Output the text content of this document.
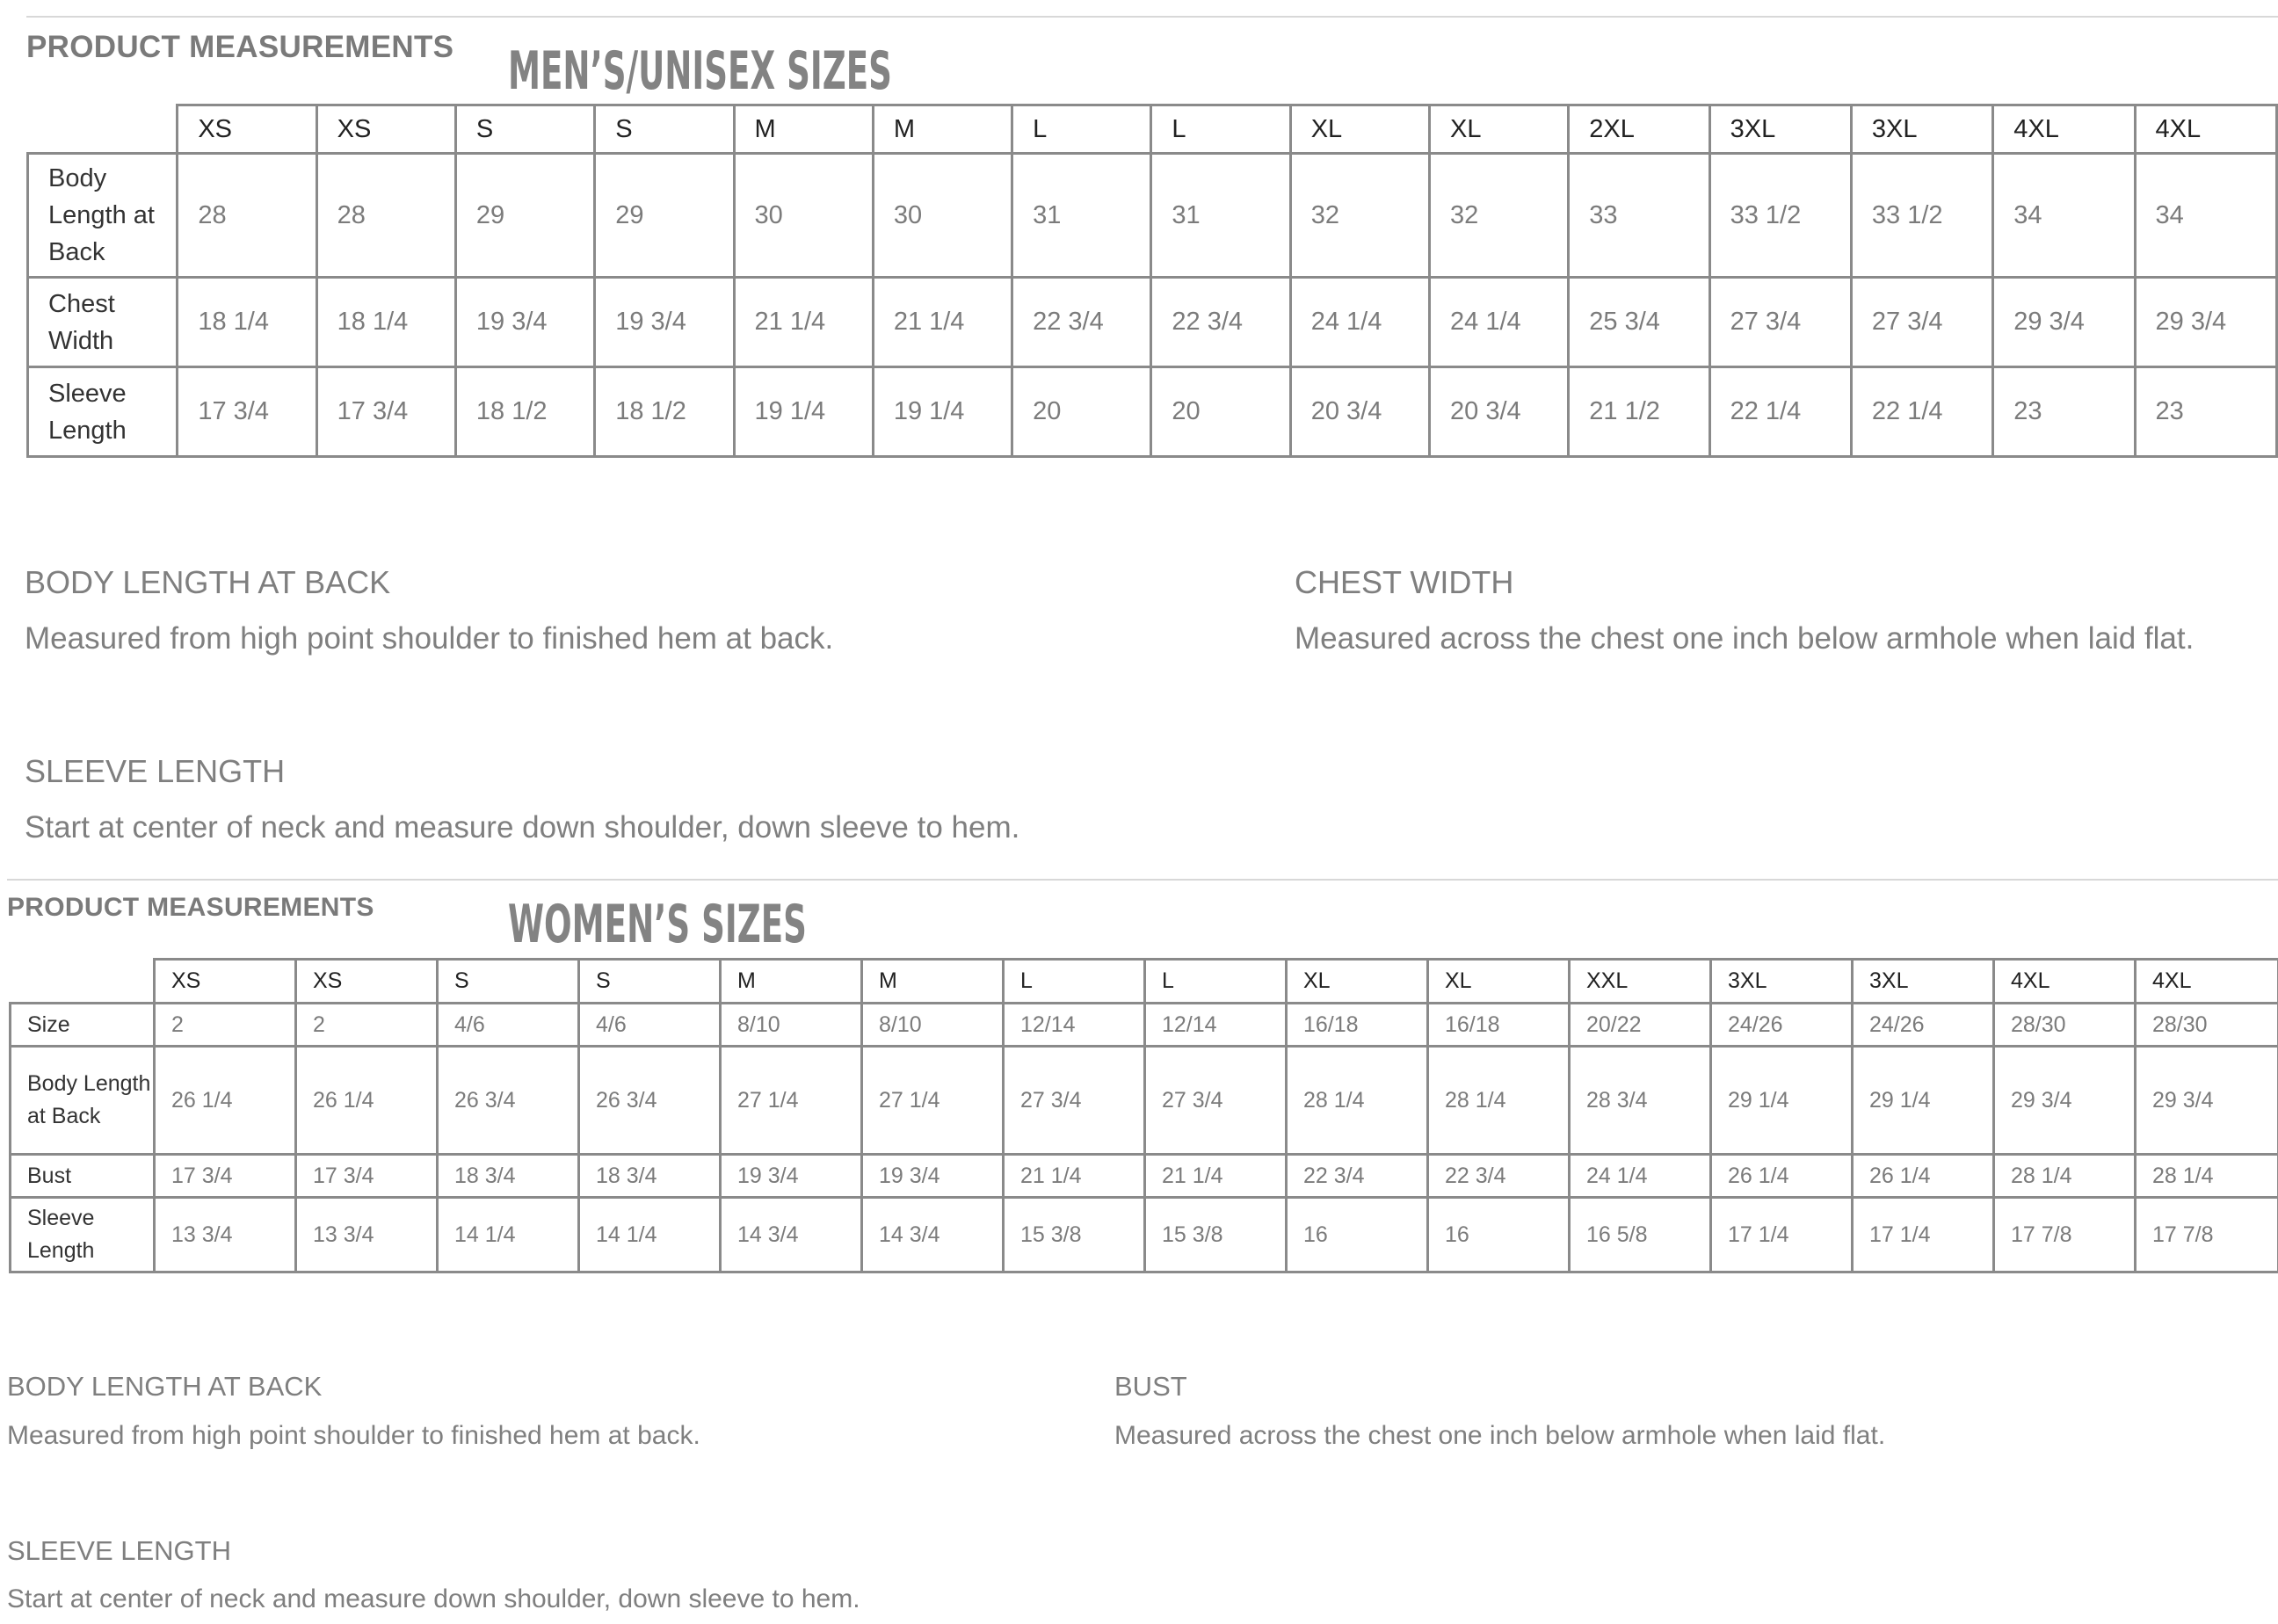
PRODUCT MEASUREMENTS MEN’S/UNISEX SIZES
	XS	XS	S	S	M	M	L	L	XL	XL	2XL	3XL	3XL	4XL	4XL
Body Length at Back	28	28	29	29	30	30	31	31	32	32	33	33 1/2	33 1/2	34	34
Chest Width	18 1/4	18 1/4	19 3/4	19 3/4	21 1/4	21 1/4	22 3/4	22 3/4	24 1/4	24 1/4	25 3/4	27 3/4	27 3/4	29 3/4	29 3/4
Sleeve Length	17 3/4	17 3/4	18 1/2	18 1/2	19 1/4	19 1/4	20	20	20 3/4	20 3/4	21 1/2	22 1/4	22 1/4	23	23
BODY LENGTH AT BACK
Measured from high point shoulder to finished hem at back.
CHEST WIDTH
Measured across the chest one inch below armhole when laid flat.
SLEEVE LENGTH
Start at center of neck and measure down shoulder, down sleeve to hem.
PRODUCT MEASUREMENTS	WOMEN’S SIZES
	XS	XS	S	S	M	M	L	L	XL	XL	XXL	3XL	3XL	4XL	4XL
Size	2	2	4/6	4/6	8/10	8/10	12/14	12/14	16/18	16/18	20/22	24/26	24/26	28/30	28/30
Body Length at Back	26 1/4	26 1/4	26 3/4	26 3/4	27 1/4	27 1/4	27 3/4	27 3/4	28 1/4	28 1/4	28 3/4	29 1/4	29 1/4	29 3/4	29 3/4
Bust	17 3/4	17 3/4	18 3/4	18 3/4	19 3/4	19 3/4	21 1/4	21 1/4	22 3/4	22 3/4	24 1/4	26 1/4	26 1/4	28 1/4	28 1/4
Sleeve Length	13 3/4	13 3/4	14 1/4	14 1/4	14 3/4	14 3/4	15 3/8	15 3/8	16	16	16 5/8	17 1/4	17 1/4	17 7/8	17 7/8
BODY LENGTH AT BACK
Measured from high point shoulder to finished hem at back.
BUST
Measured across the chest one inch below armhole when laid flat.
SLEEVE LENGTH
Start at center of neck and measure down shoulder, down sleeve to hem.
